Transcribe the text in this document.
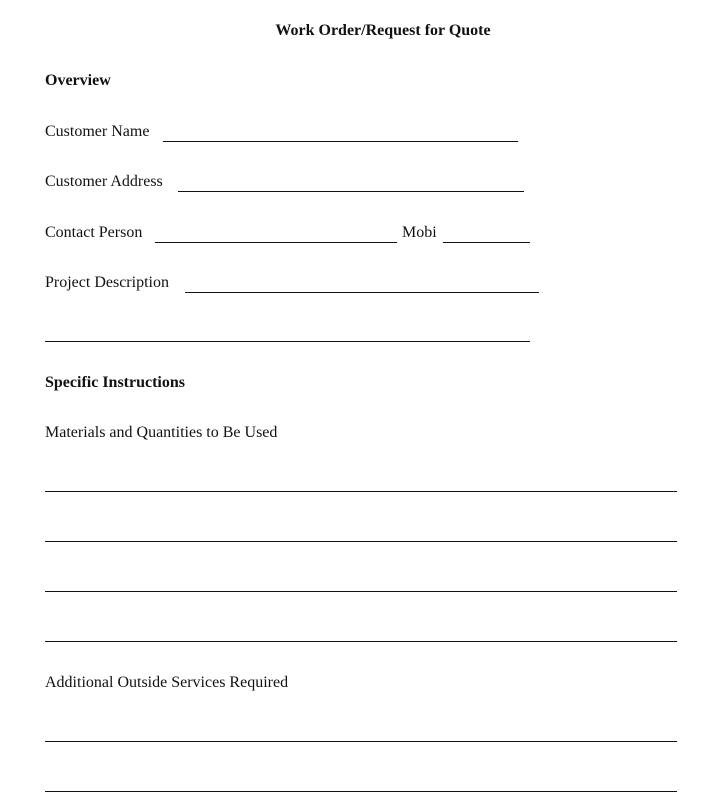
Work Order/Request for Quote
Overview
Customer Name
Customer Address
Contact Person	Mobi
Project Description
Specific Instructions
Materials and Quantities to Be Used
Additional Outside Services Required
